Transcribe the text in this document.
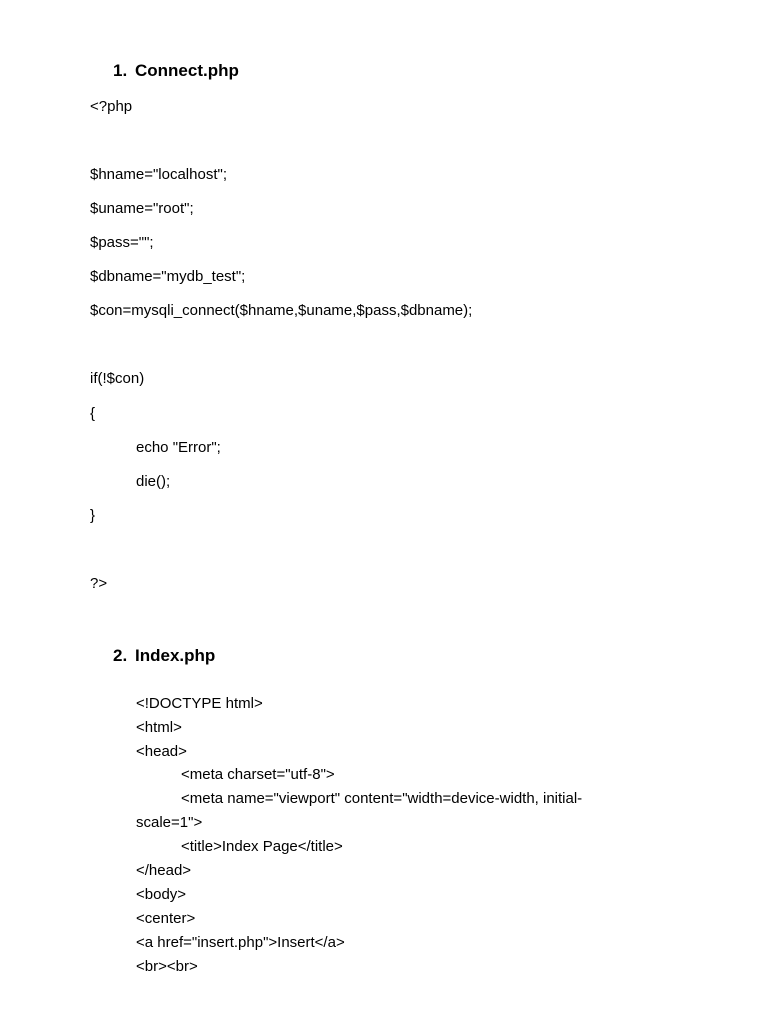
1. Connect.php
<?php
$hname="localhost";
$uname="root";
$pass="";
$dbname="mydb_test";
$con=mysqli_connect($hname,$uname,$pass,$dbname);
if(!$con)
{
echo "Error";
die();
}
?>
2. Index.php
<!DOCTYPE html>
<html>
<head>
<meta charset="utf-8">
<meta name="viewport" content="width=device-width, initial-
scale=1">
<title>Index Page</title>
</head>
<body>
<center>
<a href="insert.php">Insert</a>
<br><br>
